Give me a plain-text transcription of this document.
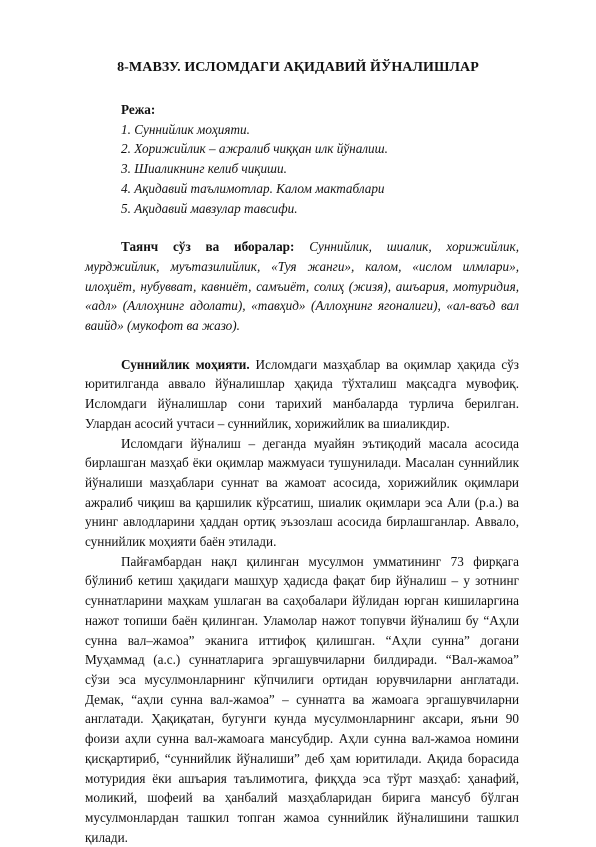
8-МАВЗУ. ИСЛОМДАГИ АҚИДАВИЙ ЙЎНАЛИШЛАР
Режа:
1. Суннийлик моҳияти.
2. Хорижийлик – ажралиб чиққан илк йўналиш.
3. Шиаликнинг келиб чиқиши.
4. Ақидавий таълимотлар. Калом мактаблари
5. Ақидавий мавзулар тавсифи.

Таянч сўз ва иборалар: Суннийлик, шиалик, хорижийлик, мурджийлик, муътазилийлик, «Туя жанги», калом, «ислом илмлари», илоҳиёт, нубуввaт, кавниёт, самъиёт, солиҳ (жизя), ашъария, мотуридия, «адл» (Аллоҳнинг адолати), «тавҳид» (Аллоҳнинг ягоналиги), «ал-ваъд вал ваийд» (мукофот ва жазо).

Суннийлик моҳияти. Исломдаги мазҳаблар ва оқимлар ҳақида сўз юритилганда аввало йўналишлар ҳақида тўхталиш мақсадга мувофиқ. Исломдаги йўналишлар сони тарихий манбаларда турлича берилган. Улардан асосий учтаси – суннийлик, хорижийлик ва шиаликдир.

Исломдаги йўналиш – деганда муайян эътиқодий масала асосида бирлашган мазҳаб ёки оқимлар мажмуаси тушунилади. Масалан суннийлик йўналиши мазҳаблари суннат ва жамоат асосида, хорижийлик оқимлари ажралиб чиқиш ва қаршилик кўрсатиш, шиалик оқимлари эса Али (р.а.) ва унинг авлодларини ҳаддан ортиқ эъзозлаш асосида бирлашганлар. Аввало, суннийлик моҳияти баён этилади.

Пайғамбардан нақл қилинган мусулмон умматининг 73 фирқага бўлиниб кетиш ҳақидаги машҳур ҳадисда фақат бир йўналиш – у зотнинг суннатларини маҳкам ушлаган ва саҳобалари йўлидан юрган кишиларгина нажот топиши баён қилинган. Уламолар нажот топувчи йўналиш бу “Аҳли сунна вал–жамоа” эканига иттифоқ қилишган. “Аҳли сунна” догани Муҳаммад (а.с.) суннатларига эргашувчиларни билдиради. “Вал-жамоа” сўзи эса мусулмонларнинг кўпчилиги ортидан юрувчиларни англатади. Демак, “аҳли сунна вал-жамоа” – суннатга ва жамоага эргашувчиларни англатади. Ҳақиқатан, бугунги кунда мусулмонларнинг аксари, яъни 90 фоизи аҳли сунна вал-жамоага мансубдир. Аҳли сунна вал-жамоа номини қисқартириб, “суннийлик йўналиши” деб ҳам юритилади. Ақида борасида мотуридия ёки ашъария таълимотига, фиқҳда эса тўрт мазҳаб: ҳанафий, моликий, шофеий ва ҳанбалий мазҳабларидан бирига мансуб бўлган мусулмонлардан ташкил топган жамоа суннийлик йўналишини ташкил қилади.
